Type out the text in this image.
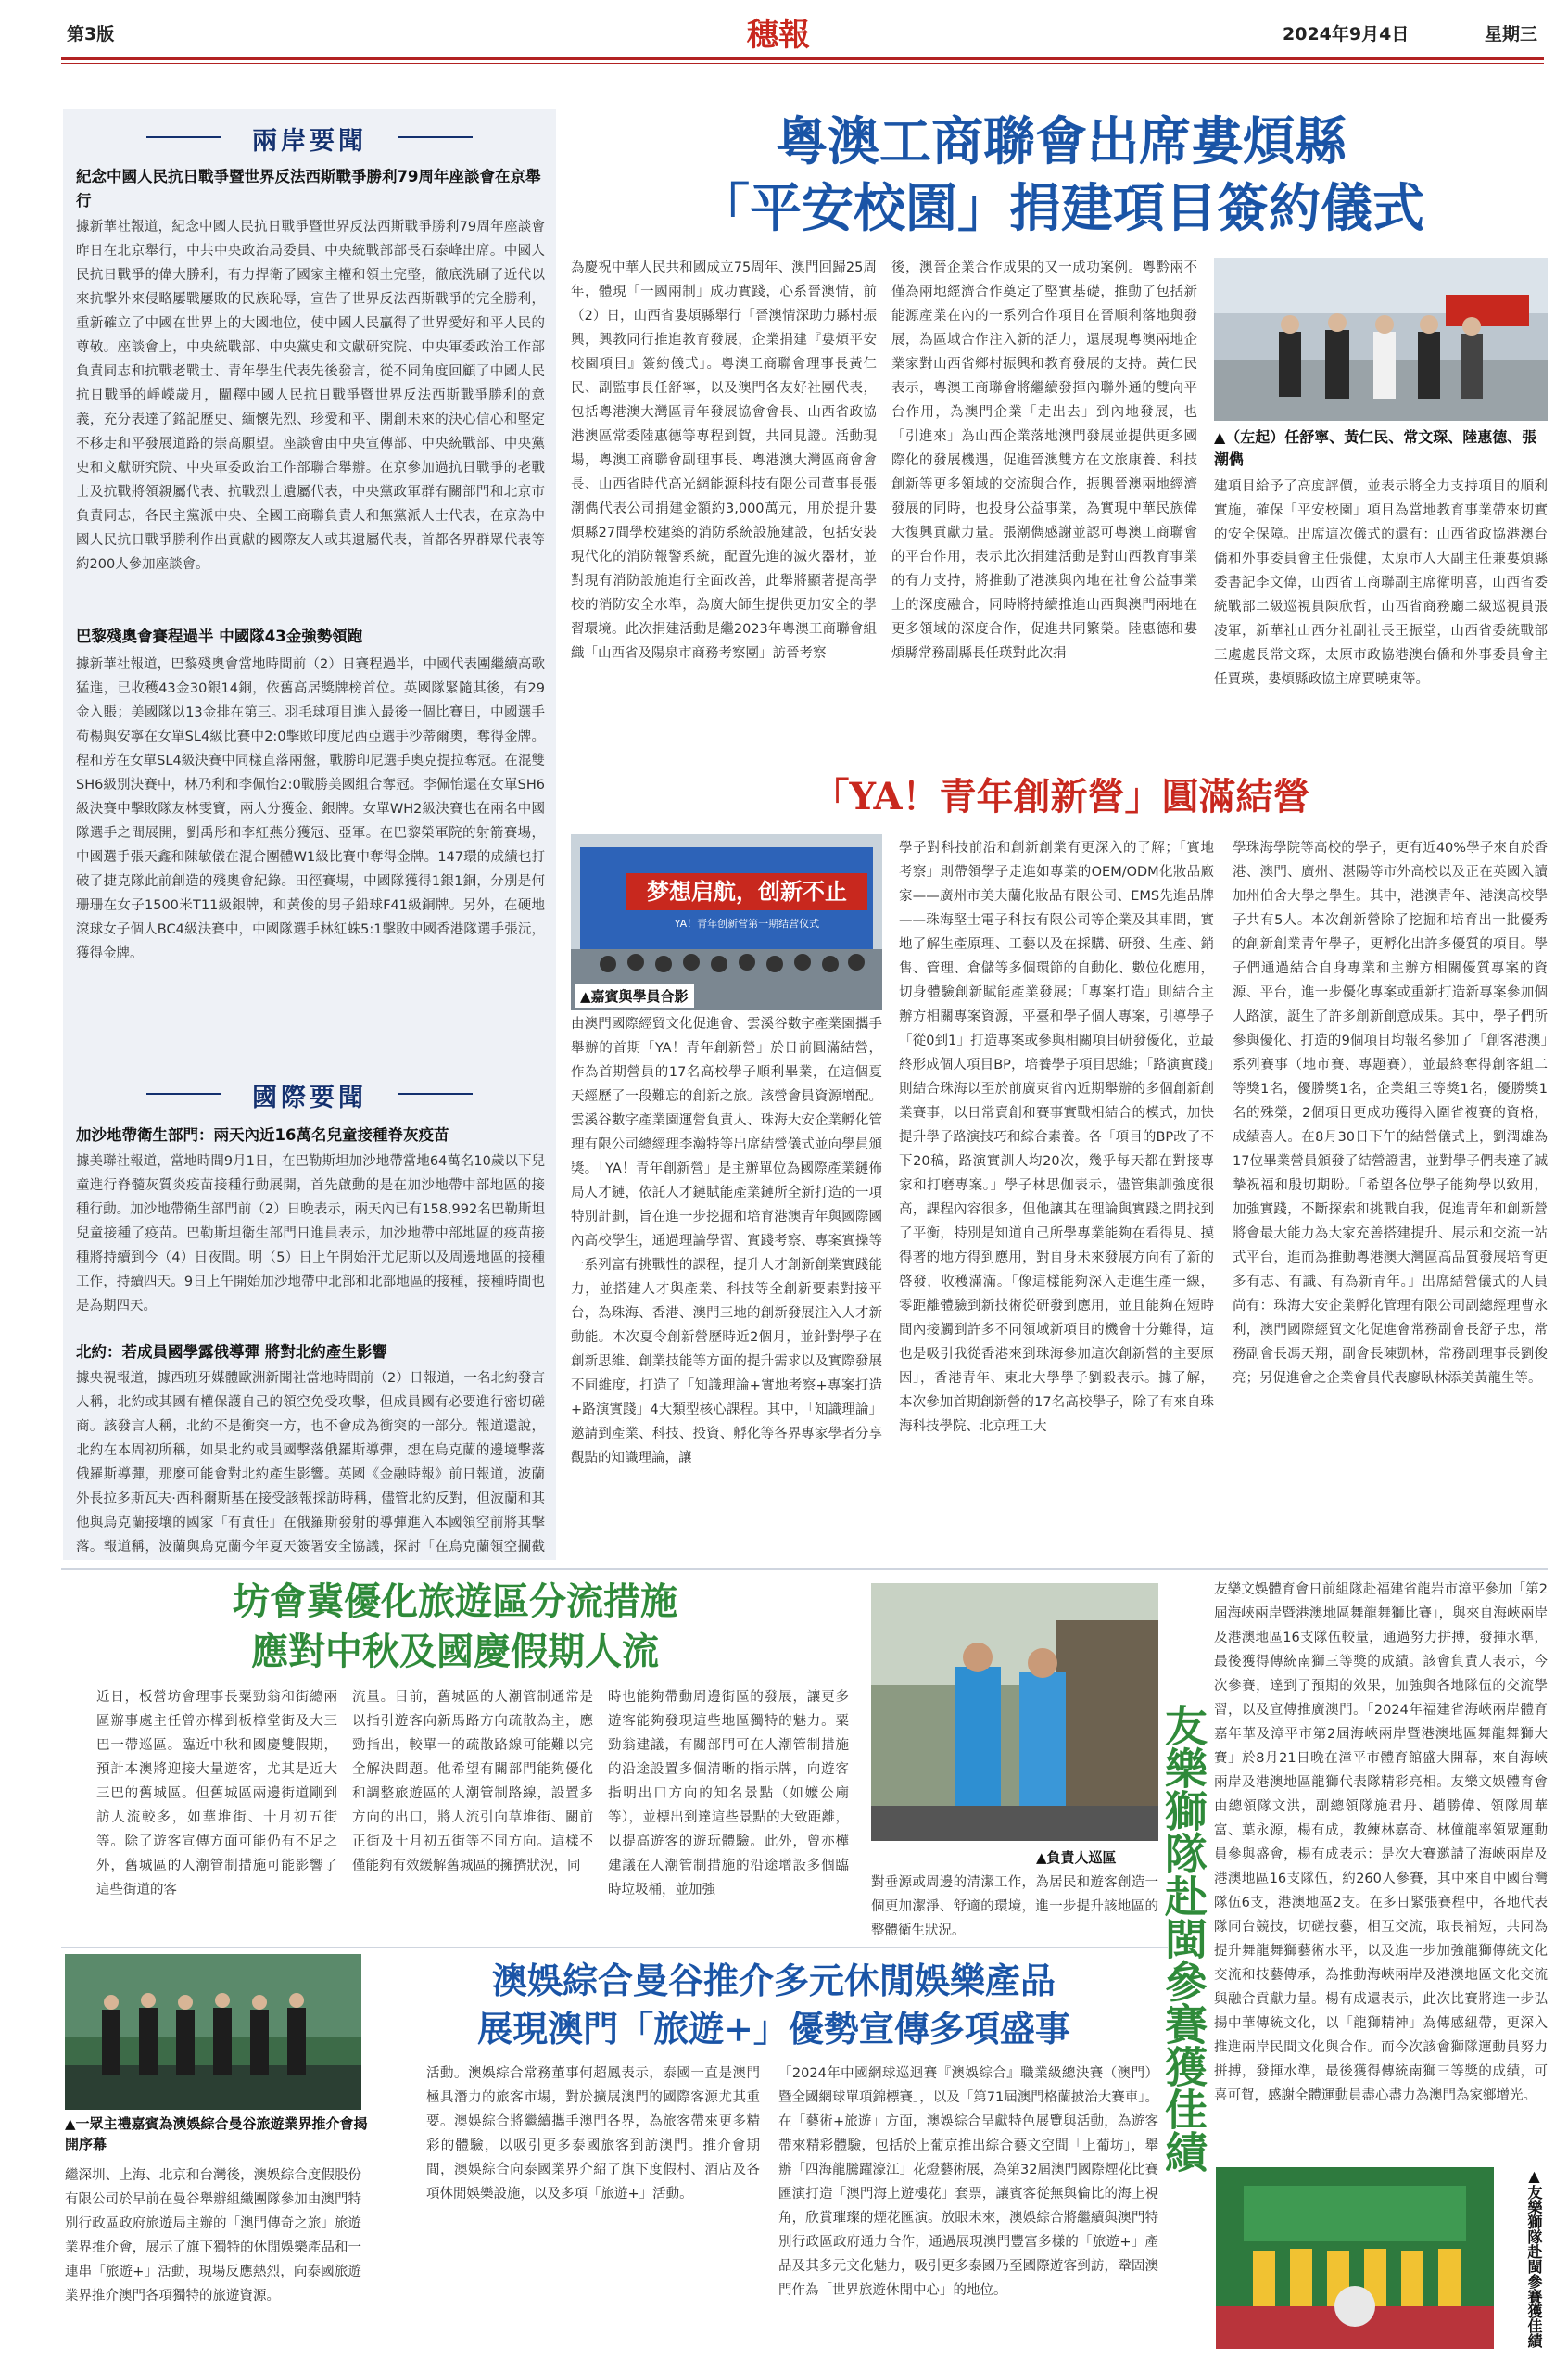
第3版	穗報	2024年9月4日	星期三
兩岸要聞
紀念中國人民抗日戰爭暨世界反法西斯戰爭勝利79周年座談會在京舉行
據新華社報道，紀念中國人民抗日戰爭暨世界反法西斯戰爭勝利79周年座談會昨日在北京舉行，中共中央政治局委員、中央統戰部部長石泰峰出席。中國人民抗日戰爭的偉大勝利，有力捍衛了國家主權和領土完整，徹底洗刷了近代以來抗擊外來侵略屢戰屢敗的民族恥辱，宣告了世界反法西斯戰爭的完全勝利，重新確立了中國在世界上的大國地位，使中國人民贏得了世界愛好和平人民的尊敬。座談會上，中央統戰部、中央黨史和文獻研究院、中央軍委政治工作部負責同志和抗戰老戰士、青年學生代表先後發言，從不同角度回顧了中國人民抗日戰爭的崢嶸歲月，闡釋中國人民抗日戰爭暨世界反法西斯戰爭勝利的意義，充分表達了銘記歷史、緬懷先烈、珍愛和平、開創未來的決心信心和堅定不移走和平發展道路的崇高願望。座談會由中央宣傳部、中央統戰部、中央黨史和文獻研究院、中央軍委政治工作部聯合舉辦。在京參加過抗日戰爭的老戰士及抗戰將領親屬代表、抗戰烈士遺屬代表，中央黨政軍群有關部門和北京市負責同志，各民主黨派中央、全國工商聯負責人和無黨派人士代表，在京為中國人民抗日戰爭勝利作出貢獻的國際友人或其遺屬代表，首都各界群眾代表等約200人參加座談會。
巴黎殘奧會賽程過半 中國隊43金強勢領跑
據新華社報道，巴黎殘奧會當地時間前（2）日賽程過半，中國代表團繼續高歌猛進，已收穫43金30銀14銅，依舊高居獎牌榜首位。英國隊緊隨其後，有29金入賬；美國隊以13金排在第三。羽毛球項目進入最後一個比賽日，中國選手苟楊與安寧在女單SL4級比賽中2:0擊敗印度尼西亞選手沙蒂爾奧，奪得金牌。程和芳在女單SL4級決賽中同樣直落兩盤，戰勝印尼選手奧克提拉奪冠。在混雙SH6級別決賽中，林乃利和李佩怡2:0戰勝美國組合奪冠。李佩怡還在女單SH6級決賽中擊敗隊友林雯寶，兩人分獲金、銀牌。女單WH2級決賽也在兩名中國隊選手之間展開，劉禹彤和李紅燕分獲冠、亞軍。在巴黎榮軍院的射箭賽場，中國選手張天鑫和陳敏儀在混合團體W1級比賽中奪得金牌。147環的成績也打破了捷克隊此前創造的殘奧會紀錄。田徑賽場，中國隊獲得1銀1銅，分別是何珊珊在女子1500米T11級銀牌，和黃俊的男子鉛球F41級銅牌。另外，在硬地滾球女子個人BC4級決賽中，中國隊選手林紅蛛5:1擊敗中國香港隊選手張沅，獲得金牌。
國際要聞
加沙地帶衛生部門：兩天內近16萬名兒童接種脊灰疫苗
據美聯社報道，當地時間9月1日，在巴勒斯坦加沙地帶當地64萬名10歲以下兒童進行脊髓灰質炎疫苗接種行動展開，首先啟動的是在加沙地帶中部地區的接種行動。加沙地帶衛生部門前（2）日晚表示，兩天內已有158,992名巴勒斯坦兒童接種了疫苗。巴勒斯坦衛生部門日進員表示，加沙地帶中部地區的疫苗接種將持續到今（4）日夜間。明（5）日上午開始汗尤尼斯以及周邊地區的接種工作，持續四天。9日上午開始加沙地帶中北部和北部地區的接種，接種時間也是為期四天。
北約：若成員國學露俄導彈 將對北約產生影響
據央視報道，據西班牙媒體歐洲新聞社當地時間前（2）日報道，一名北約發言人稱，北約或其國有權保護自己的領空免受攻擊，但成員國有必要進行密切磋商。該發言人稱，北約不是衝突一方，也不會成為衝突的一部分。報道還說，北約在本周初所稱，如果北約或員國擊落俄羅斯導彈，想在烏克蘭的邊境擊落俄羅斯導彈，那麼可能會對北約產生影響。英國《金融時報》前日報道，波蘭外長拉多斯瓦夫·西科爾斯基在接受該報採訪時稱，儘管北約反對，但波蘭和其他與烏克蘭接壤的國家「有責任」在俄羅斯發射的導彈進入本國領空前將其擊落。報道稱，波蘭與烏克蘭今年夏天簽署安全協議，探討「在烏克蘭領空攔截
粵澳工商聯會出席婁煩縣
「平安校園」捐建項目簽約儀式
為慶祝中華人民共和國成立75周年、澳門回歸25周年，體現「一國兩制」成功實踐，心系晉澳情，前（2）日，山西省婁煩縣舉行「晉澳情深助力縣村振興，興教同行推進教育發展，企業捐建『婁煩平安校園項目』簽約儀式」。粵澳工商聯會理事長黃仁民、副監事長任舒寧，以及澳門各友好社團代表，包括粵港澳大灣區青年發展協會會長、山西省政協港澳區常委陸惠德等專程到賀，共同見證。活動現場，粵澳工商聯會副理事長、粵港澳大灣區商會會長、山西省時代高光網能源科技有限公司董事長張潮儁代表公司捐建金額約3,000萬元，用於提升婁煩縣27間學校建築的消防系統設施建設，包括安裝現代化的消防報警系統，配置先進的滅火器材，並對現有消防設施進行全面改善，此舉將顯著提高學校的消防安全水準，為廣大師生提供更加安全的學習環境。此次捐建活動是繼2023年粵澳工商聯會組織「山西省及陽泉市商務考察團」訪晉考察
後，澳晉企業合作成果的又一成功案例。粵黔兩不僅為兩地經濟合作奠定了堅實基礎，推動了包括新能源產業在內的一系列合作項目在晉順利落地與發展，為區域合作注入新的活力，還展現粵澳兩地企業家對山西省鄉村振興和教育發展的支持。黃仁民表示，粵澳工商聯會將繼續發揮內聯外通的雙向平台作用，為澳門企業「走出去」到內地發展，也「引進來」為山西企業落地澳門發展並提供更多國際化的發展機遇，促進晉澳雙方在文旅康養、科技創新等更多領域的交流與合作，振興晉澳兩地經濟發展的同時，也投身公益事業，為實現中華民族偉大復興貢獻力量。張潮儁感謝並認可粵澳工商聯會的平台作用，表示此次捐建活動是對山西教育事業的有力支持，將推動了港澳與內地在社會公益事業上的深度融合，同時將持續推進山西與澳門兩地在更多領域的深度合作，促進共同繁榮。陸惠德和婁煩縣常務副縣長任瑛對此次捐
▲（左起）任舒寧、黃仁民、常文琛、陸惠德、張潮儁
建項目給予了高度評價，並表示將全力支持項目的順利實施，確保「平安校園」項目為當地教育事業帶來切實的安全保障。出席這次儀式的還有：山西省政協港澳台僑和外事委員會主任張健，太原市人大副主任兼婁煩縣委書記李文偉，山西省工商聯副主席衛明喜，山西省委統戰部二級巡視員陳欣哲，山西省商務廳二級巡視員張凌軍，新華社山西分社副社長王振堂，山西省委統戰部三處處長常文琛，太原市政協港澳台僑和外事委員會主任賈瑛，婁煩縣政協主席賈曉東等。
「YA！青年創新營」圓滿結營
梦想启航，创新不止
YA！青年创新营第一期结营仪式
▲嘉賓與學員合影
由澳門國際經貿文化促進會、雲溪谷數字產業園攜手舉辦的首期「YA！青年創新營」於日前圓滿結營，作為首期營員的17名高校學子順利畢業，在這個夏天經歷了一段難忘的創新之旅。該營會員資源增配。雲溪谷數字產業園運營負責人、珠海大安企業孵化管理有限公司總經理李瀚特等出席結營儀式並向學員頒獎。「YA！青年創新營」是主辦單位為國際產業鏈佈局人才鏈，依託人才鏈賦能產業鏈所全新打造的一項特別計劃，旨在進一步挖掘和培育港澳青年與國際國內高校學生，通過理論學習、實踐考察、專案實操等一系列富有挑戰性的課程，提升人才創新創業實踐能力，並搭建人才與產業、科技等全創新要素對接平台，為珠海、香港、澳門三地的創新發展注入人才新動能。本次夏令創新營歷時近2個月，並針對學子在創新思維、創業技能等方面的提升需求以及實際發展不同維度，打造了「知識理論+實地考察+專案打造+路演實踐」4大類型核心課程。其中，「知識理論」邀請到產業、科技、投資、孵化等各界專家學者分享觀點的知識理論，讓
學子對科技前沿和創新創業有更深入的了解；「實地考察」則帶領學子走進如專業的OEM/ODM化妝品廠家——廣州市美夫蘭化妝品有限公司、EMS先進品牌——珠海堅士電子科技有限公司等企業及其車間，實地了解生產原理、工藝以及在採購、研發、生產、銷售、管理、倉儲等多個環節的自動化、數位化應用，切身體驗創新賦能產業發展；「專案打造」則結合主辦方相關專案資源，平臺和學子個人專案，引導學子「從0到1」打造專案或參與相關項目研發優化，並最終形成個人項目BP，培養學子項目思維；「路演實踐」則結合珠海以至於前廣東省內近期舉辦的多個創新創業賽事，以日常賣創和賽事實戰相結合的模式，加快提升學子路演技巧和綜合素養。各「項目的BP改了不下20稿，路演實訓人均20次，幾乎每天都在對接專家和打磨專案。」學子林思伽表示，儘管集訓強度很高，課程內容很多，但他讓其在理論與實踐之間找到了平衡，特別是知道自己所學專業能夠在看得見、摸得著的地方得到應用，對自身未來發展方向有了新的啓發，收穫滿滿。「像這樣能夠深入走進生產一線，零距離體驗到新技術從研發到應用，並且能夠在短時間內接觸到許多不同領域新項目的機會十分難得，這也是吸引我從香港來到珠海參加這次創新營的主要原因」，香港青年、東北大學學子劉毅表示。據了解，本次參加首期創新營的17名高校學子，除了有來自珠海科技學院、北京理工大
學珠海學院等高校的學子，更有近40%學子來自於香港、澳門、廣州、湛陽等市外高校以及正在英國入讀加州伯舍大學之學生。其中，港澳青年、港澳高校學子共有5人。本次創新營除了挖掘和培育出一批優秀的創新創業青年學子，更孵化出許多優質的項目。學子們通過結合自身專業和主辦方相關優質專案的資源、平台，進一步優化專案或重新打造新專案參加個人路演，誕生了許多創新創意成果。其中，學子們所參與優化、打造的9個項目均報名參加了「創客港澳」系列賽事（地市賽、專題賽），並最終奪得創客組二等獎1名，優勝獎1名，企業組三等獎1名，優勝獎1名的殊榮，2個項目更成功獲得入圍省複賽的資格，成績喜人。在8月30日下午的結營儀式上，劉潤雄為17位畢業營員頒發了結營證書，並對學子們表達了誠摯祝福和殷切期盼。「希望各位學子能夠學以致用，加強實踐，不斷探索和挑戰自我，促進青年和創新營將會最大能力為大家充善搭建提升、展示和交流一站式平台，進而為推動粵港澳大灣區高品質發展培育更多有志、有識、有為新青年。」出席結營儀式的人員尚有：珠海大安企業孵化管理有限公司副總經理曹永利，澳門國際經貿文化促進會常務副會長舒子忠，常務副會長馮天翔，副會長陳凱林，常務副理事長劉俊亮；另促進會之企業會員代表廖臥林添美黃龍生等。
坊會冀優化旅遊區分流措施
應對中秋及國慶假期人流
近日，板營坊會理事長粟勁翁和街總兩區辦事處主任曾亦樺到板樟堂街及大三巴一帶巡區。臨近中秋和國慶雙假期，預計本澳將迎接大量遊客，尤其是近大三巴的舊城區。但舊城區兩邊街道剛到訪人流較多，如華堆街、十月初五街等。除了遊客宣傳方面可能仍有不足之外，舊城區的人潮管制措施可能影響了這些街道的客
流量。目前，舊城區的人潮管制通常是以指引遊客向新馬路方向疏散為主，應勁指出，較單一的疏散路線可能難以完全解決問題。他希望有關部門能夠優化和調整旅遊區的人潮管制路線，設置多方向的出口，將人流引向草堆街、關前正街及十月初五街等不同方向。這樣不僅能夠有效緩解舊城區的擁擠狀況，同
時也能夠帶動周邊街區的發展，讓更多遊客能夠發現這些地區獨特的魅力。粟勁翁建議，有關部門可在人潮管制措施的沿途設置多個清晰的指示牌，向遊客指明出口方向的知名景點（如嬤公廟等），並標出到達這些景點的大致距離，以提高遊客的遊玩體驗。此外，曾亦樺建議在人潮管制措施的沿途增設多個臨時垃圾桶，並加強
▲負責人巡區
對垂源或周邊的清潔工作，為居民和遊客創造一個更加潔淨、舒適的環境，進一步提升該地區的整體衛生狀況。
▲一眾主禮嘉賓為澳娛綜合曼谷旅遊業界推介會揭開序幕
澳娛綜合曼谷推介多元休閒娛樂產品
展現澳門「旅遊+」優勢宣傳多項盛事
繼深圳、上海、北京和台灣後，澳娛綜合度假股份有限公司於早前在曼谷舉辦組織團隊參加由澳門特別行政區政府旅遊局主辦的「澳門傳奇之旅」旅遊業界推介會，展示了旗下獨特的休閒娛樂產品和一連串「旅遊+」活動，現場反應熱烈，向泰國旅遊業界推介澳門各項獨特的旅遊資源。
活動。澳娛綜合常務董事何超鳳表示，泰國一直是澳門極具潛力的旅客市場，對於擴展澳門的國際客源尤其重要。澳娛綜合將繼續攜手澳門各界，為旅客帶來更多精彩的體驗，以吸引更多泰國旅客到訪澳門。推介會期間，澳娛綜合向泰國業界介紹了旗下度假村、酒店及各項休閒娛樂設施，以及多項「旅遊+」活動。
「2024年中國網球巡迴賽『澳娛綜合』職業級總決賽（澳門）暨全國網球單項錦標賽」，以及「第71屆澳門格蘭披治大賽車」。在「藝術+旅遊」方面，澳娛綜合呈獻特色展覽與活動，為遊客帶來精彩體驗，包括於上葡京推出綜合藝文空間「上葡坊」，舉辦「四海龍騰躍濠江」花燈藝術展，為第32屆澳門國際煙花比賽匯演打造「澳門海上遊樓花」套票，讓賓客從無與倫比的海上視角，欣賞璀璨的煙花匯演。放眼未來，澳娛綜合將繼續與澳門特別行政區政府通力合作，通過展現澳門豐富多樣的「旅遊+」產品及其多元文化魅力，吸引更多泰國乃至國際遊客到訪，鞏固澳門作為「世界旅遊休閒中心」的地位。
友樂獅隊赴閩參賽獲佳績
友樂文娛體育會日前組隊赴福建省龍岩市漳平參加「第2屆海峽兩岸暨港澳地區舞龍舞獅比賽」，與來自海峽兩岸及港澳地區16支隊伍較量，通過努力拼搏，發揮水準，最後獲得傳統南獅三等獎的成績。該會負責人表示，今次參賽，達到了預期的效果，加強與各地隊伍的交流學習，以及宣傳推廣澳門。「2024年福建省海峽兩岸體育嘉年華及漳平市第2屆海峽兩岸暨港澳地區舞龍舞獅大賽」於8月21日晚在漳平市體育館盛大開幕，來自海峽兩岸及港澳地區龍獅代表隊精彩亮相。友樂文娛體育會由總領隊文洪，副總領隊施君丹、趙勝偉、領隊周華富、葉永源，楊有成，教練林嘉奇、林僮龍率領眾運動員參與盛會，楊有成表示：是次大賽邀請了海峽兩岸及港澳地區16支隊伍，約260人參賽，其中來自中國台灣隊伍6支，港澳地區2支。在多日緊張賽程中，各地代表隊同台競技，切磋技藝，相互交流，取長補短，共同為提升舞龍舞獅藝術水平，以及進一步加強龍獅傳統文化交流和技藝傳承，為推動海峽兩岸及港澳地區文化交流與融合貢獻力量。楊有成還表示，此次比賽將進一步弘揚中華傳統文化，以「龍獅精神」為傳感紐帶，更深入推進兩岸民間文化與合作。而今次該會獅隊運動員努力拼搏，發揮水準，最後獲得傳統南獅三等獎的成績，可喜可賀，感謝全體運動員盡心盡力為澳門為家鄉增光。
▲友樂獅隊赴閩參賽獲佳績
